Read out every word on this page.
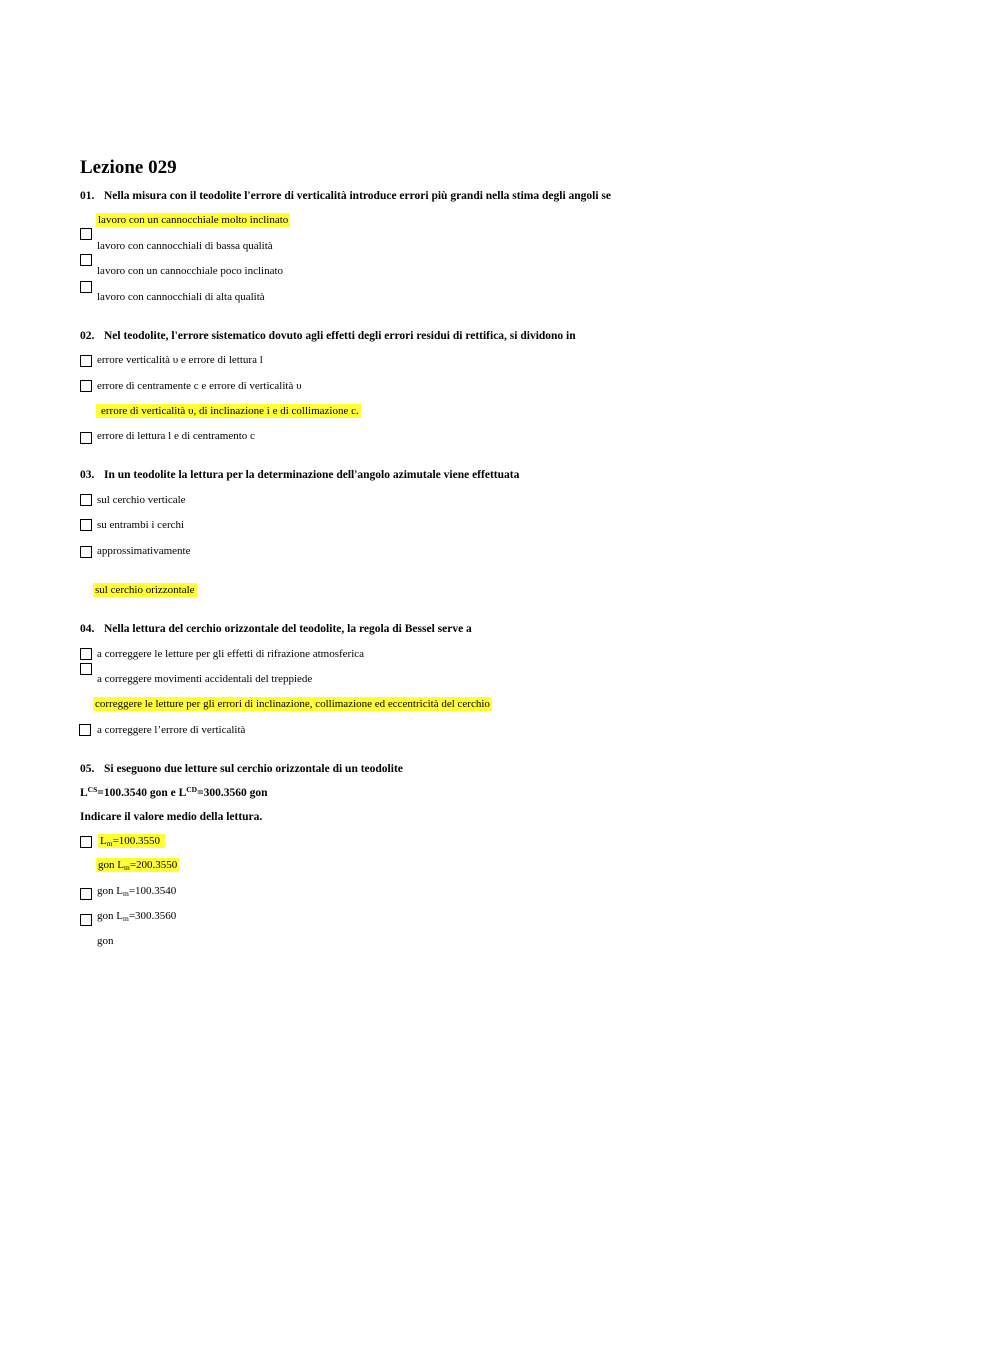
Lezione 029
01. Nella misura con il teodolite l'errore di verticalità introduce errori più grandi nella stima degli angoli se
lavoro con un cannocchiale molto inclinato
lavoro con cannocchiali di bassa qualità
lavoro con un cannocchiale poco inclinato
lavoro con cannocchiali di alta qualità
02. Nel teodolite, l'errore sistematico dovuto agli effetti degli errori residui di rettifica, si dividono in
errore verticalità υ e errore di lettura l
errore di centramente c e errore di verticalità υ
errore di verticalità υ, di inclinazione i e di collimazione c.
errore di lettura l e di centramento c
03. In un teodolite la lettura per la determinazione dell'angolo azimutale viene effettuata
sul cerchio verticale
su entrambi i cerchi
approssimativamente
sul cerchio orizzontale
04. Nella lettura del cerchio orizzontale del teodolite, la regola di Bessel serve a
a correggere le letture per gli effetti di rifrazione atmosferica
a correggere movimenti accidentali del treppiede
correggere le letture per gli errori di inclinazione, collimazione ed eccentricità del cerchio
a correggere l’errore di verticalità
05. Si eseguono due letture sul cerchio orizzontale di un teodolite
$L^{CS}=100.3540$ gon e $L^{CD}=300.3560$ gon
Indicare il valore medio della lettura.
$L_m=100.3550$
gon $L_m=200.3550$
gon $L_m=100.3540$
gon $L_m=300.3560$
gon
